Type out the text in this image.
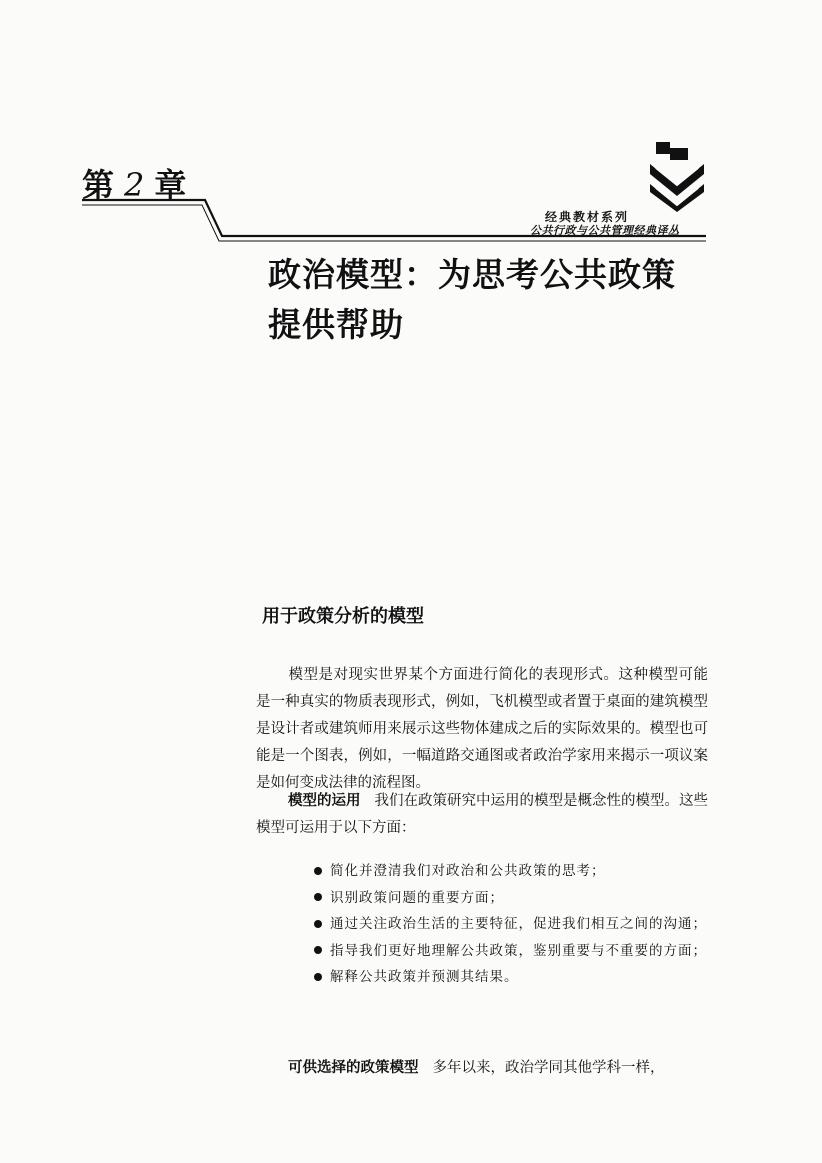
第 2 章
经典教材系列
公共行政与公共管理经典译丛
政治模型：为思考公共政策
提供帮助
用于政策分析的模型
模型是对现实世界某个方面进行简化的表现形式。这种模型可能是一种真实的物质表现形式，例如，飞机模型或者置于桌面的建筑模型是设计者或建筑师用来展示这些物体建成之后的实际效果的。模型也可能是一个图表，例如，一幅道路交通图或者政治学家用来揭示一项议案是如何变成法律的流程图。
模型的运用 我们在政策研究中运用的模型是概念性的模型。这些模型可运用于以下方面：

简化并澄清我们对政治和公共政策的思考；

识别政策问题的重要方面；

通过关注政治生活的主要特征，促进我们相互之间的沟通；

指导我们更好地理解公共政策，鉴别重要与不重要的方面；

解释公共政策并预测其结果。

可供选择的政策模型 多年以来，政治学同其他学科一样，
